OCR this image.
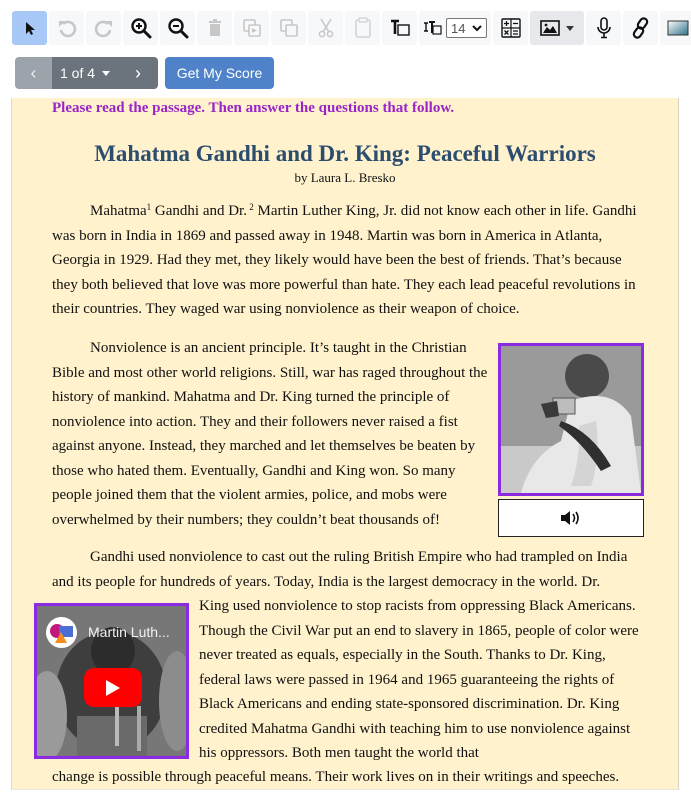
14
‹ 1 of 4 ›	Get My Score
Please read the passage. Then answer the questions that follow.
Mahatma Gandhi and Dr. King: Peaceful Warriors
by Laura L. Bresko

Mahatma$^1$ Gandhi and Dr. $^2$ Martin Luther King, Jr. did not know each other in life. Gandhi was born in India in 1869 and passed away in 1948. Martin was born in America in Atlanta, Georgia in 1929. Had they met, they likely would have been the best of friends. That’s because they both believed that love was more powerful than hate. They each lead peaceful revolutions in their countries. They waged war using nonviolence as their weapon of choice.

Nonviolence is an ancient principle. It’s taught in the Christian Bible and most other world religions. Still, war has raged throughout the history of mankind. Mahatma and Dr. King turned the principle of nonviolence into action. They and their followers never raised a fist against anyone. Instead, they marched and let themselves be beaten by those who hated them. Eventually, Gandhi and King won. So many people joined them that the violent armies, police, and mobs were overwhelmed by their numbers; they couldn’t beat thousands of!

Gandhi used nonviolence to cast out the ruling British Empire who had trampled on India and its people for hundreds of years. Today, India is the largest democracy in the world. Dr.

Martin Luth...
King used nonviolence to stop racists from oppressing Black Americans. Though the Civil War put an end to slavery in 1865, people of color were never treated as equals, especially in the South. Thanks to Dr. King, federal laws were passed in 1964 and 1965 guaranteeing the rights of Black Americans and ending state-sponsored discrimination. Dr. King credited Mahatma Gandhi with teaching him to use nonviolence against his oppressors. Both men taught the world that
change is possible through peaceful means. Their work lives on in their writings and speeches.
